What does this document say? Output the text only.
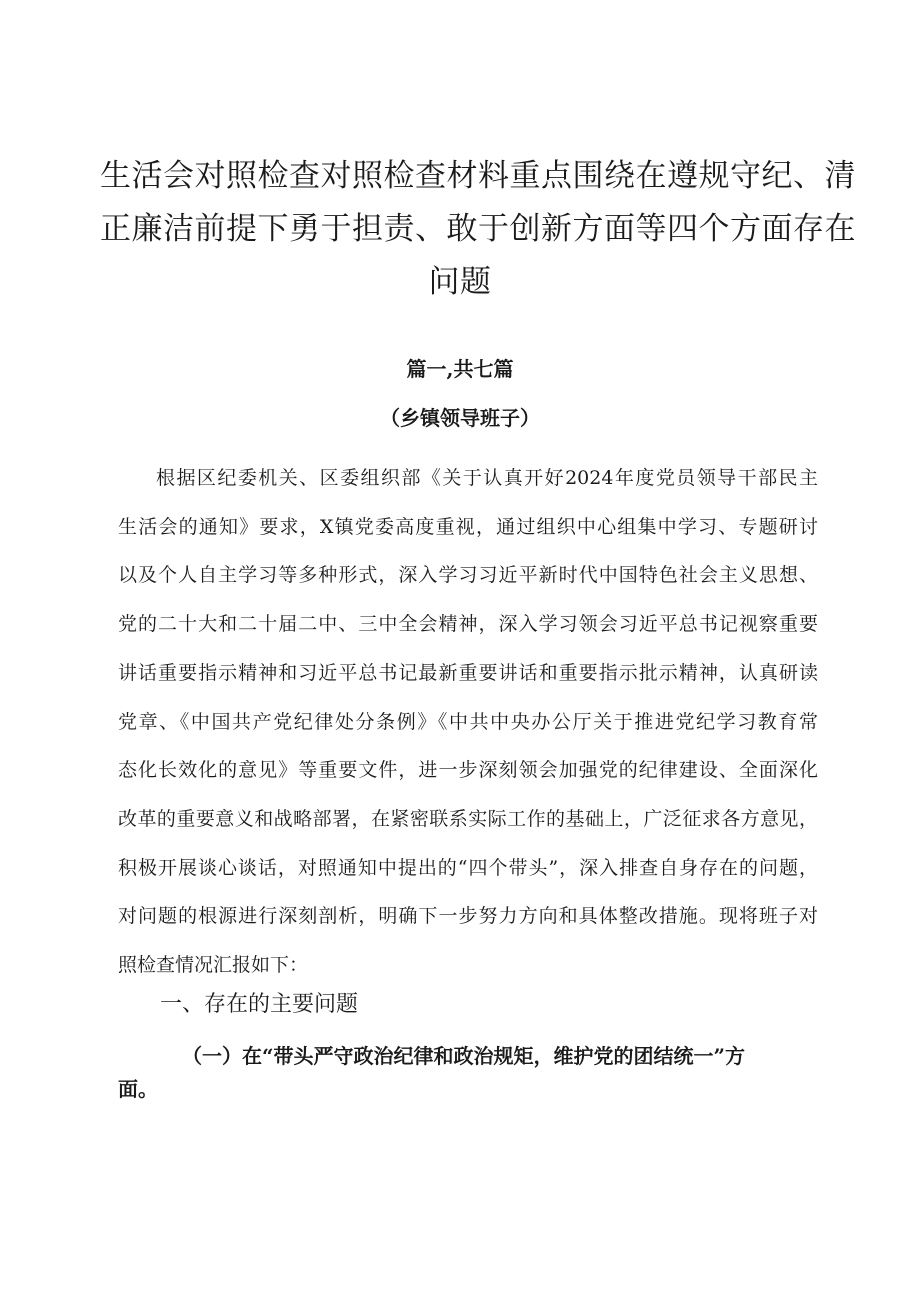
生活会对照检查对照检查材料重点围绕在遵规守纪、清
正廉洁前提下勇于担责、敢于创新方面等四个方面存在
问题
篇一,共七篇
（乡镇领导班子）

根据区纪委机关、区委组织部《关于认真开好2024年度党员领导干部民主
生活会的通知》要求，X镇党委高度重视，通过组织中心组集中学习、专题研讨
以及个人自主学习等多种形式，深入学习习近平新时代中国特色社会主义思想、
党的二十大和二十届二中、三中全会精神，深入学习领会习近平总书记视察重要
讲话重要指示精神和习近平总书记最新重要讲话和重要指示批示精神，认真研读
党章、《中国共产党纪律处分条例》《中共中央办公厅关于推进党纪学习教育常
态化长效化的意见》等重要文件，进一步深刻领会加强党的纪律建设、全面深化
改革的重要意义和战略部署，在紧密联系实际工作的基础上，广泛征求各方意见，
积极开展谈心谈话，对照通知中提出的“四个带头”，深入排查自身存在的问题，
对问题的根源进行深刻剖析，明确下一步努力方向和具体整改措施。现将班子对
照检查情况汇报如下：

一、存在的主要问题

（一）在“带头严守政治纪律和政治规矩，维护党的团结统一”方
面。
